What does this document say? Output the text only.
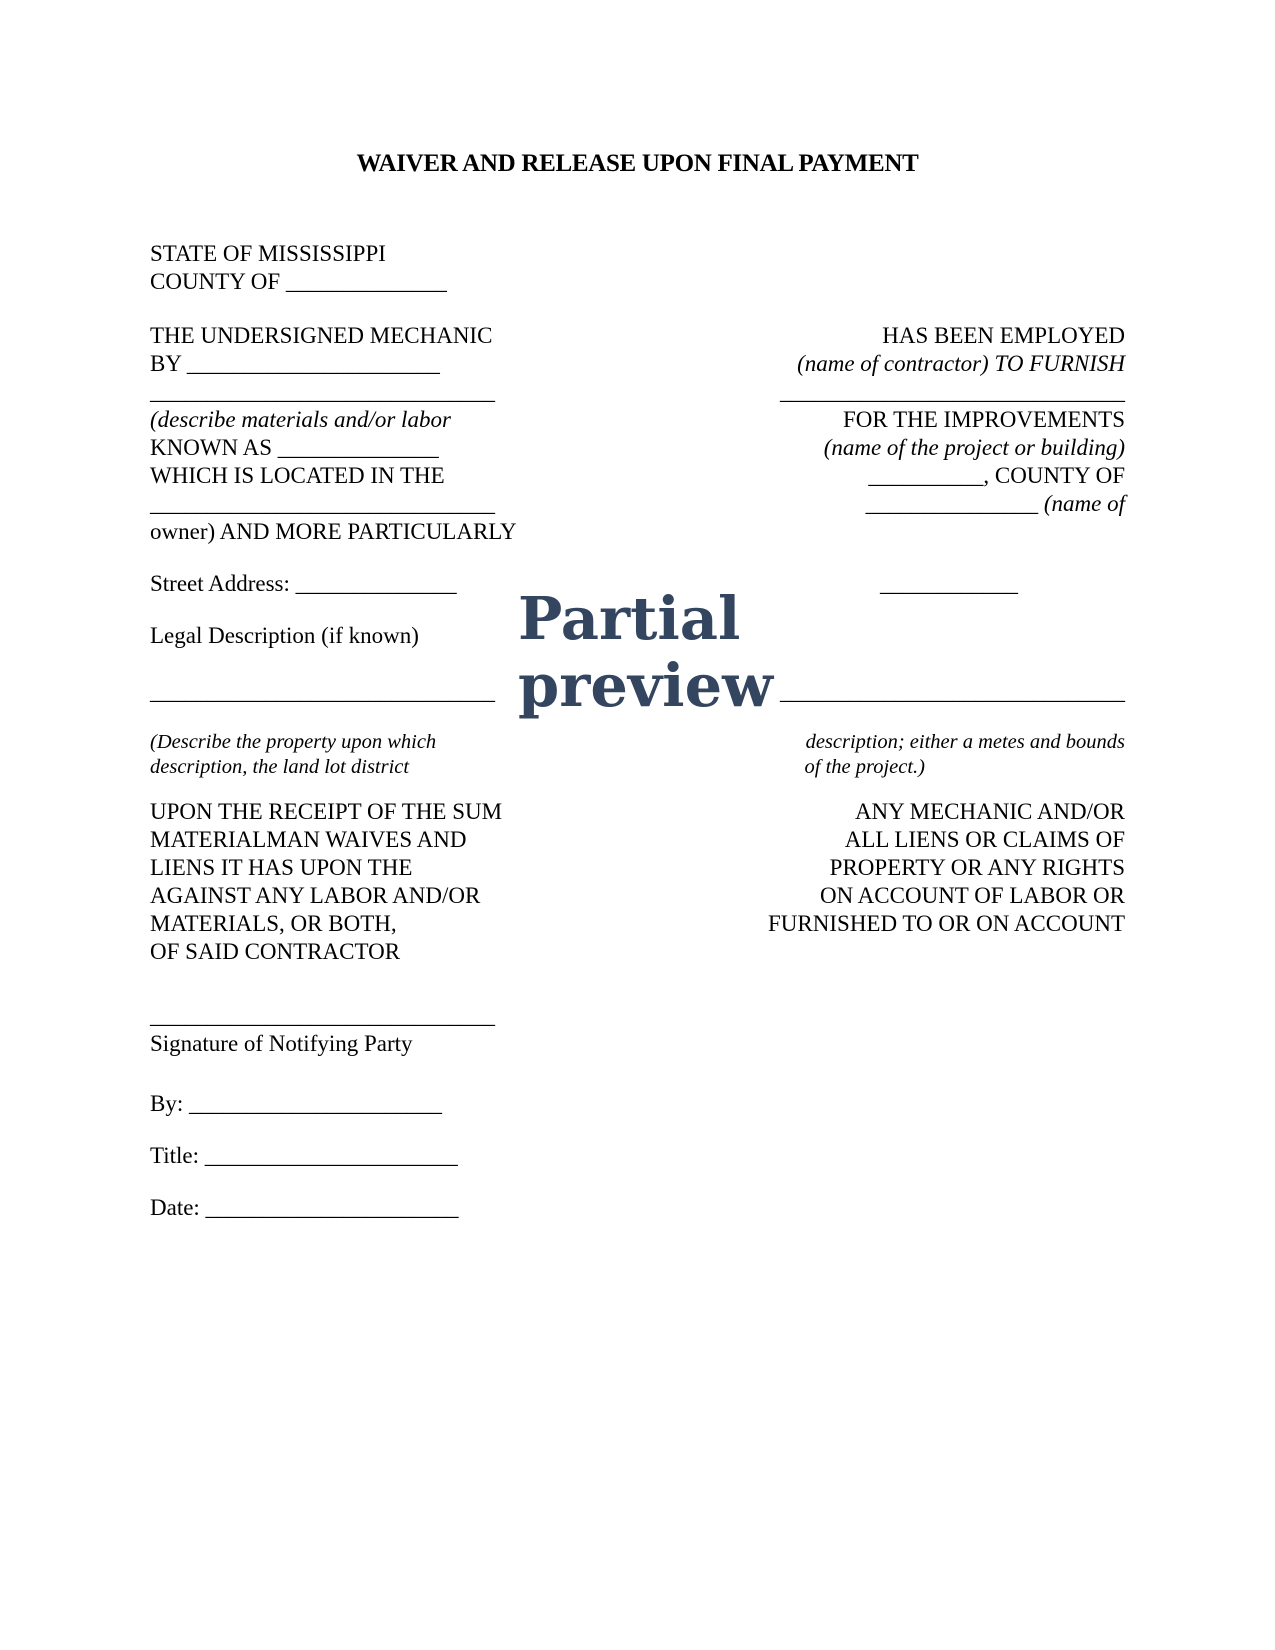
WAIVER AND RELEASE UPON FINAL PAYMENT
STATE OF MISSISSIPPI
COUNTY OF ______________
THE UNDERSIGNED MECHANIC
BY ______________________
______________________________
(describe materials and/or labor
KNOWN AS ______________
WHICH IS LOCATED IN THE
______________________________
owner) AND MORE PARTICULARLY
Street Address: ______________
Legal Description (if known)
______________________________
(Describe the property upon which
description, the land lot district
UPON THE RECEIPT OF THE SUM
MATERIALMAN WAIVES AND
LIENS IT HAS UPON THE
AGAINST ANY LABOR AND/OR
MATERIALS, OR BOTH,
OF SAID CONTRACTOR
______________________________
Signature of Notifying Party
By: ______________________
Title: ______________________
Date: ______________________
HAS BEEN EMPLOYED
(name of contractor) TO FURNISH
______________________________
FOR THE IMPROVEMENTS
(name of the project or building)
__________, COUNTY OF
_______________ (name of
____________
______________________________
description; either a metes and bounds
of the project.)
ANY MECHANIC AND/OR
ALL LIENS OR CLAIMS OF
PROPERTY OR ANY RIGHTS
ON ACCOUNT OF LABOR OR
FURNISHED TO OR ON ACCOUNT
Partial
preview
